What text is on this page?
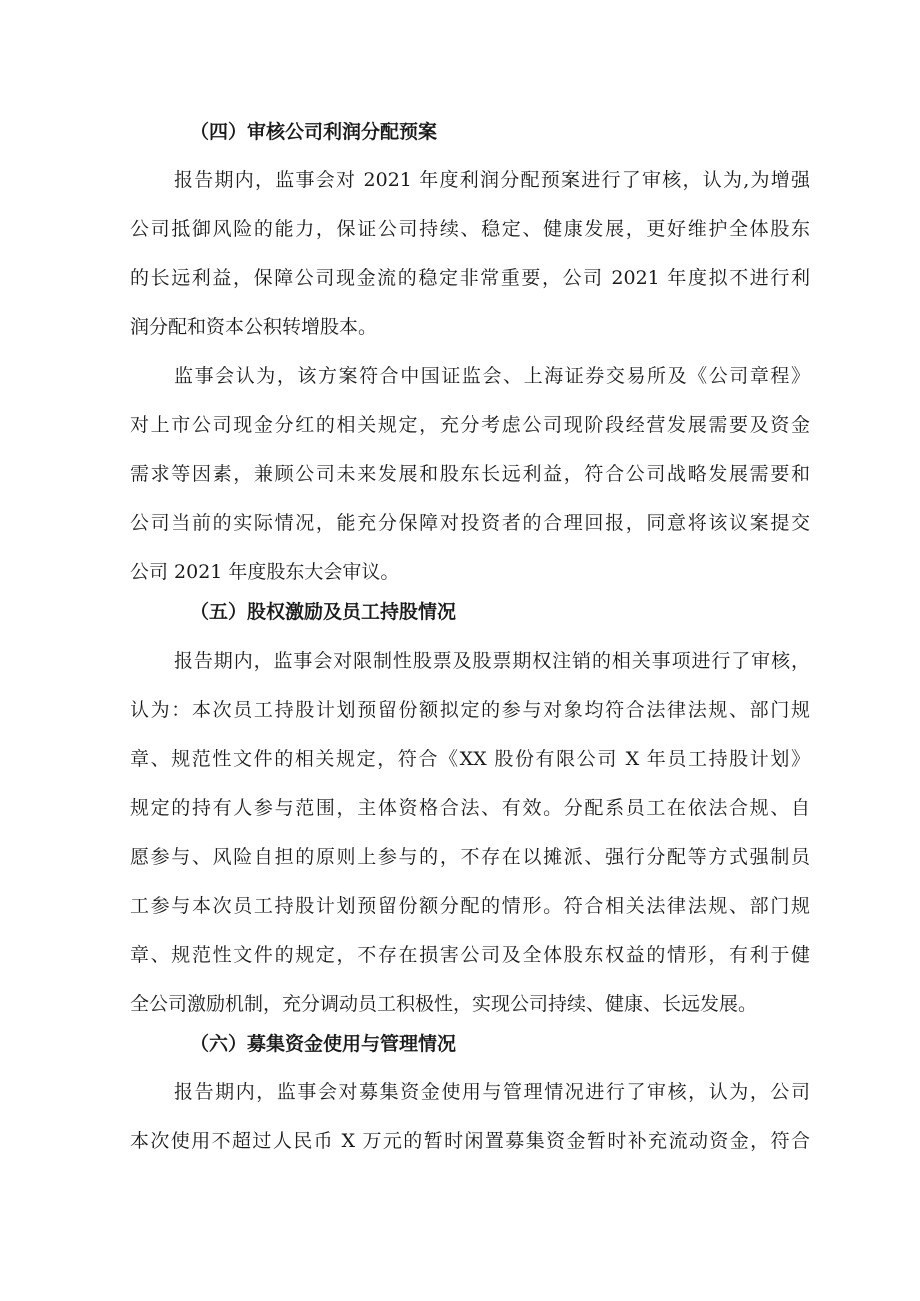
（四）审核公司利润分配预案
报告期内，监事会对 2021 年度利润分配预案进行了审核，认为,为增强
公司抵御风险的能力，保证公司持续、稳定、健康发展，更好维护全体股东
的长远利益，保障公司现金流的稳定非常重要，公司 2021 年度拟不进行利
润分配和资本公积转增股本。
监事会认为，该方案符合中国证监会、上海证券交易所及《公司章程》
对上市公司现金分红的相关规定，充分考虑公司现阶段经营发展需要及资金
需求等因素，兼顾公司未来发展和股东长远利益，符合公司战略发展需要和
公司当前的实际情况，能充分保障对投资者的合理回报，同意将该议案提交
公司 2021 年度股东大会审议。
（五）股权激励及员工持股情况
报告期内，监事会对限制性股票及股票期权注销的相关事项进行了审核，
认为：本次员工持股计划预留份额拟定的参与对象均符合法律法规、部门规
章、规范性文件的相关规定，符合《XX 股份有限公司 X 年员工持股计划》
规定的持有人参与范围，主体资格合法、有效。分配系员工在依法合规、自
愿参与、风险自担的原则上参与的，不存在以摊派、强行分配等方式强制员
工参与本次员工持股计划预留份额分配的情形。符合相关法律法规、部门规
章、规范性文件的规定，不存在损害公司及全体股东权益的情形，有利于健
全公司激励机制，充分调动员工积极性，实现公司持续、健康、长远发展。
（六）募集资金使用与管理情况
报告期内，监事会对募集资金使用与管理情况进行了审核，认为，公司
本次使用不超过人民币 X 万元的暂时闲置募集资金暂时补充流动资金，符合
